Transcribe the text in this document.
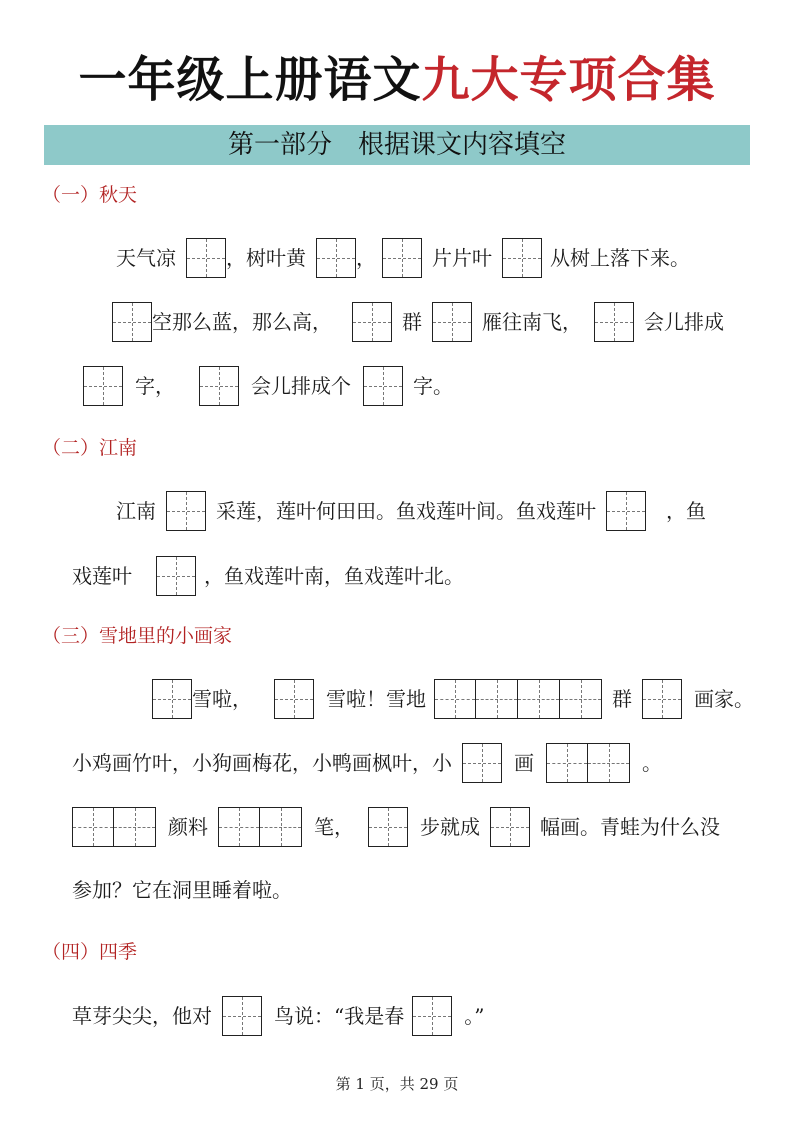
一年级上册语文九大专项合集
第一部分　根据课文内容填空
（一）秋天
天气凉	，树叶黄	，	片片叶	从树上落下来。
空那么蓝，那么高，	群	雁往南飞，	会儿排成
字，	会儿排成个	字。
（二）江南
江南	采莲，莲叶何田田。鱼戏莲叶间。鱼戏莲叶	，鱼
戏莲叶	，鱼戏莲叶南，鱼戏莲叶北。
（三）雪地里的小画家
雪啦，	雪啦！雪地	群	画家。
小鸡画竹叶，小狗画梅花，小鸭画枫叶，小	画	。
颜料	笔，	步就成	幅画。青蛙为什么没
参加？它在洞里睡着啦。
（四）四季
草芽尖尖，他对	鸟说：“我是春	。”
第 1 页，共 29 页
